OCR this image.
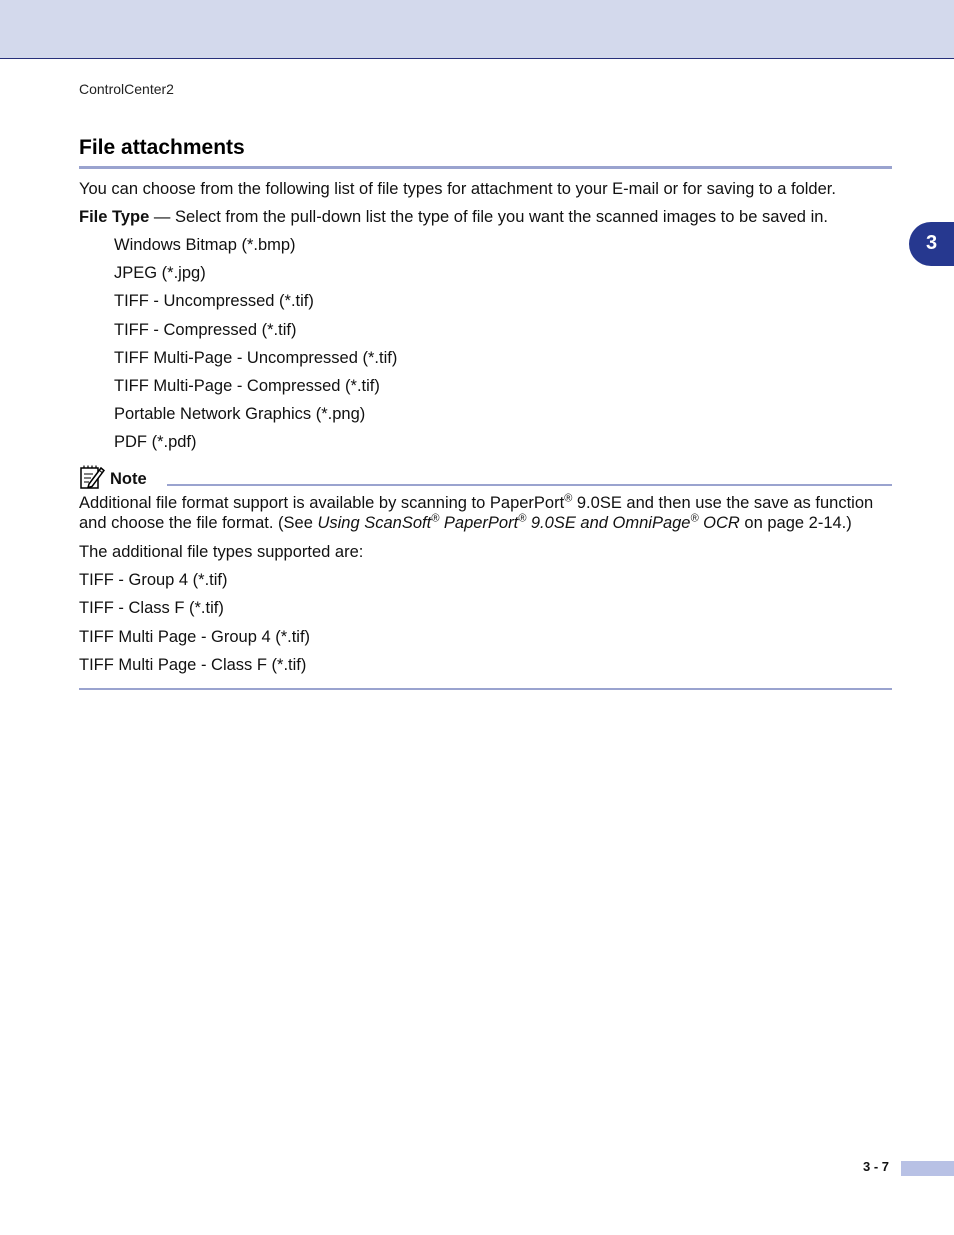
ControlCenter2
3
File attachments

You can choose from the following list of file types for attachment to your E-mail or for saving to a folder.

File Type — Select from the pull-down list the type of file you want the scanned images to be saved in.

Windows Bitmap (*.bmp)
JPEG (*.jpg)
TIFF - Uncompressed (*.tif)
TIFF - Compressed (*.tif)
TIFF Multi-Page - Uncompressed (*.tif)
TIFF Multi-Page - Compressed (*.tif)
Portable Network Graphics (*.png)
PDF (*.pdf)
Note

Additional file format support is available by scanning to PaperPort® 9.0SE and then use the save as function

and choose the file format. (See Using ScanSoft® PaperPort® 9.0SE and OmniPage® OCR on page 2-14.)

The additional file types supported are:

TIFF - Group 4 (*.tif)
TIFF - Class F (*.tif)
TIFF Multi Page - Group 4 (*.tif)
TIFF Multi Page - Class F (*.tif)
3 - 7
